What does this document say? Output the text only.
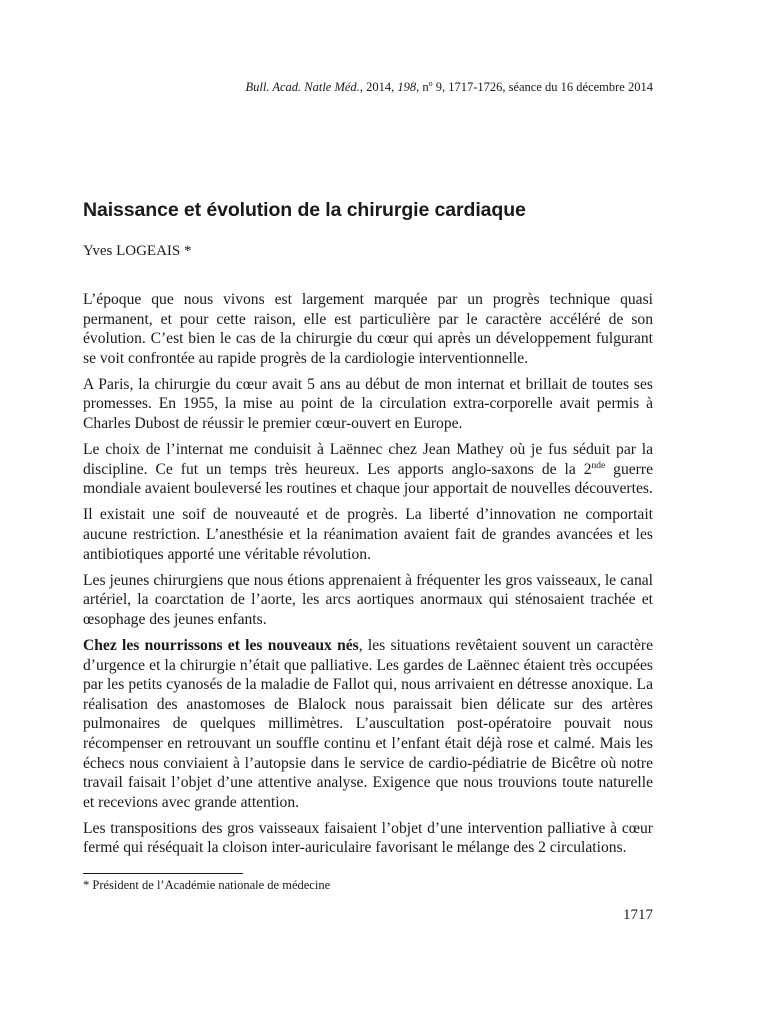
Bull. Acad. Natle Méd., 2014, 198, $n^o$ 9, 1717-1726, séance du 16 décembre 2014
Naissance et évolution de la chirurgie cardiaque
Yves LOGEAIS *

L’époque que nous vivons est largement marquée par un progrès technique quasi permanent, et pour cette raison, elle est particulière par le caractère accéléré de son évolution. C’est bien le cas de la chirurgie du cœur qui après un développement fulgurant se voit confrontée au rapide progrès de la cardiologie interventionnelle.

A Paris, la chirurgie du cœur avait 5 ans au début de mon internat et brillait de toutes ses promesses. En 1955, la mise au point de la circulation extra-corporelle avait permis à Charles Dubost de réussir le premier cœur-ouvert en Europe.

Le choix de l’internat me conduisit à Laënnec chez Jean Mathey où je fus séduit par la discipline. Ce fut un temps très heureux. Les apports anglo-saxons de la 2nde guerre mondiale avaient bouleversé les routines et chaque jour apportait de nouvelles découvertes.

Il existait une soif de nouveauté et de progrès. La liberté d’innovation ne comportait aucune restriction. L’anesthésie et la réanimation avaient fait de grandes avancées et les antibiotiques apporté une véritable révolution.

Les jeunes chirurgiens que nous étions apprenaient à fréquenter les gros vaisseaux, le canal artériel, la coarctation de l’aorte, les arcs aortiques anormaux qui sténosaient trachée et œsophage des jeunes enfants.

Chez les nourrissons et les nouveaux nés, les situations revêtaient souvent un caractère d’urgence et la chirurgie n’était que palliative. Les gardes de Laënnec étaient très occupées par les petits cyanosés de la maladie de Fallot qui, nous arrivaient en détresse anoxique. La réalisation des anastomoses de Blalock nous paraissait bien délicate sur des artères pulmonaires de quelques millimètres. L’auscultation post-opératoire pouvait nous récompenser en retrouvant un souffle continu et l’enfant était déjà rose et calmé. Mais les échecs nous conviaient à l’autopsie dans le service de cardio-pédiatrie de Bicêtre où notre travail faisait l’objet d’une attentive analyse. Exigence que nous trouvions toute naturelle et recevions avec grande attention.

Les transpositions des gros vaisseaux faisaient l’objet d’une intervention palliative à cœur fermé qui réséquait la cloison inter-auriculaire favorisant le mélange des 2 circulations.

* Président de l’Académie nationale de médecine
1717
